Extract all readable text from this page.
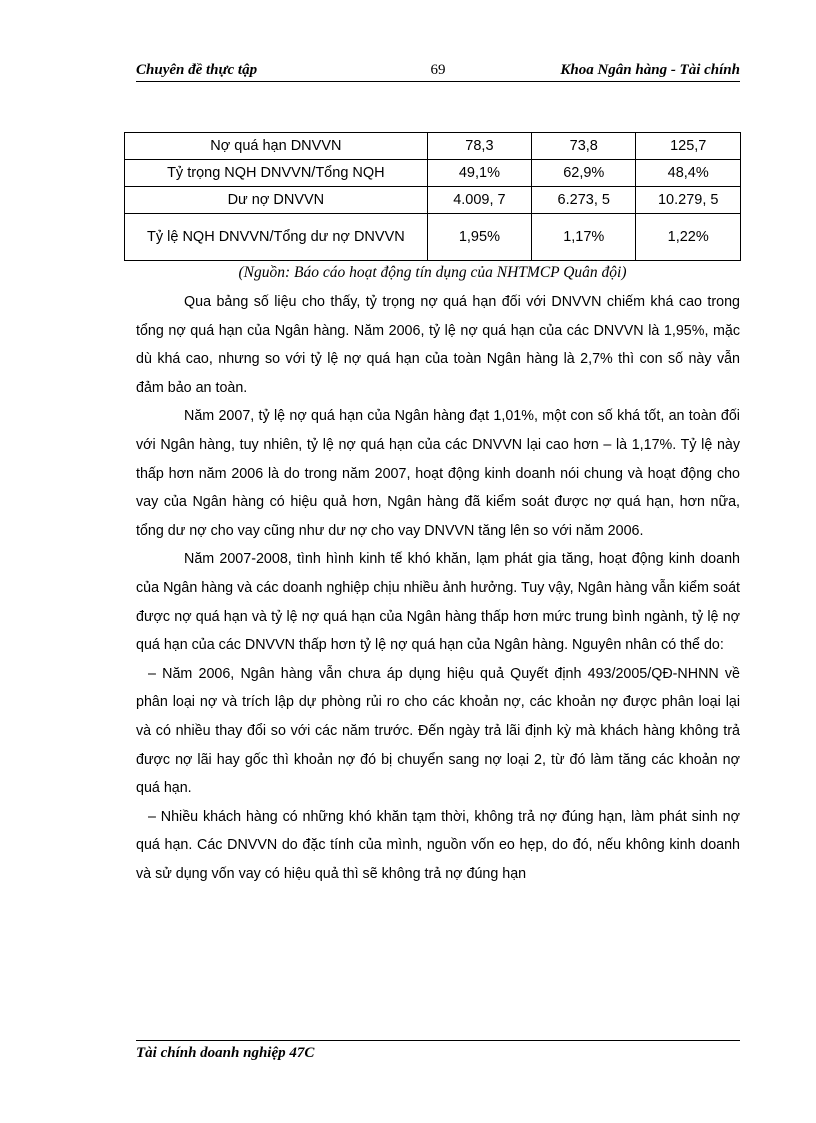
Chuyên đề thực tập	69	Khoa Ngân hàng - Tài chính
Nợ quá hạn DNVVN	78,3	73,8	125,7
Tỷ trọng NQH DNVVN/Tổng NQH	49,1%	62,9%	48,4%
Dư nợ DNVVN	4.009, 7	6.273, 5	10.279, 5
Tỷ lệ NQH DNVVN/Tổng dư nợ DNVVN	1,95%	1,17%	1,22%
(Nguồn: Báo cáo hoạt động tín dụng của NHTMCP Quân đội)

Qua bảng số liệu cho thấy, tỷ trọng nợ quá hạn đối với DNVVN chiếm khá cao trong tổng nợ quá hạn của Ngân hàng. Năm 2006, tỷ lệ nợ quá hạn của các DNVVN là 1,95%, mặc dù khá cao, nhưng so với tỷ lệ nợ quá hạn của toàn Ngân hàng là 2,7% thì con số này vẫn đảm bảo an toàn.

Năm 2007, tỷ lệ nợ quá hạn của Ngân hàng đạt 1,01%, một con số khá tốt, an toàn đối với Ngân hàng, tuy nhiên, tỷ lệ nợ quá hạn của các DNVVN lại cao hơn – là 1,17%. Tỷ lệ này thấp hơn năm 2006 là do trong năm 2007, hoạt động kinh doanh nói chung và hoạt động cho vay của Ngân hàng có hiệu quả hơn, Ngân hàng đã kiểm soát được nợ quá hạn, hơn nữa, tổng dư nợ cho vay cũng như dư nợ cho vay DNVVN tăng lên so với năm 2006.

Năm 2007-2008, tình hình kinh tế khó khăn, lạm phát gia tăng, hoạt động kinh doanh của Ngân hàng và các doanh nghiệp chịu nhiều ảnh hưởng. Tuy vậy, Ngân hàng vẫn kiểm soát được nợ quá hạn và tỷ lệ nợ quá hạn của Ngân hàng thấp hơn mức trung bình ngành, tỷ lệ nợ quá hạn của các DNVVN thấp hơn tỷ lệ nợ quá hạn của Ngân hàng. Nguyên nhân có thể do:

– Năm 2006, Ngân hàng vẫn chưa áp dụng hiệu quả Quyết định 493/2005/QĐ-NHNN về phân loại nợ và trích lập dự phòng rủi ro cho các khoản nợ, các khoản nợ được phân loại lại và có nhiều thay đổi so với các năm trước. Đến ngày trả lãi định kỳ mà khách hàng không trả được nợ lãi hay gốc thì khoản nợ đó bị chuyển sang nợ loại 2, từ đó làm tăng các khoản nợ quá hạn.

– Nhiều khách hàng có những khó khăn tạm thời, không trả nợ đúng hạn, làm phát sinh nợ quá hạn. Các DNVVN do đặc tính của mình, nguồn vốn eo hẹp, do đó, nếu không kinh doanh và sử dụng vốn vay có hiệu quả thì sẽ không trả nợ đúng hạn

Tài chính doanh nghiệp 47C
